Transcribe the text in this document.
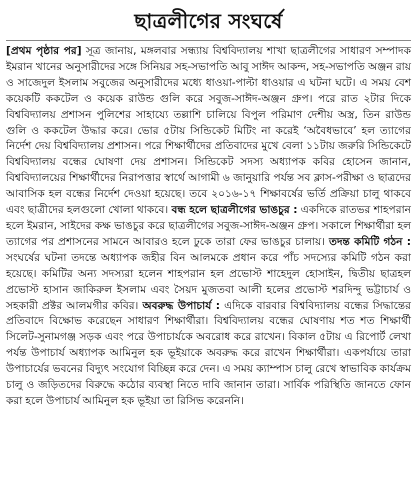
ছাত্রলীগের সংঘর্ষে

[প্রথম পৃষ্ঠার পর] সূত্র জানায়, মঙ্গলবার সন্ধ্যায় বিশ্ববিদ্যালয় শাখা ছাত্রলীগের সাধারণ সম্পাদক ইমরান খানের অনুসারীদের সঙ্গে সিনিয়র সহ-সভাপতি আবু সাঈদ আকন্দ, সহ-সভাপতি অঞ্জন রায় ও সাজেদুল ইসলাম সবুজের অনুসারীদের মধ্যে ধাওয়া-পাল্টা ধাওয়ার এ ঘটনা ঘটে। এ সময় বেশ কয়েকটি ককটেল ও কয়েক রাউন্ড গুলি করে সবুজ-সাঈদ-অঞ্জন গ্রুপ। পরে রাত ২টার দিকে বিশ্ববিদ্যালয় প্রশাসন পুলিশের সাহায্যে তল্লাশি চালিয়ে বিপুল পরিমাণ দেশীয় অস্ত্র, তিন রাউন্ড গুলি ও ককটেল উদ্ধার করে। ভোর ৫টায় সিন্ডিকেট মিটিং না করেই ‘অবৈধভাবে’ হল ত্যাগের নির্দেশ দেয় বিশ্ববিদ্যালয় প্রশাসন। পরে শিক্ষার্থীদের প্রতিবাদের মুখে বেলা ১১টায় জরুরি সিন্ডিকেটে বিশ্ববিদ্যালয় বন্ধের ঘোষণা দেয় প্রশাসন। সিন্ডিকেট সদস্য অধ্যাপক কবির হোসেন জানান, বিশ্ববিদ্যালয়ের শিক্ষার্থীদের নিরাপত্তার স্বার্থে আগামী ৬ জানুয়ারি পর্যন্ত সব ক্লাস-পরীক্ষা ও ছাত্রদের আবাসিক হল বন্ধের নির্দেশ দেওয়া হয়েছে। তবে ২০১৬-১৭ শিক্ষাবর্ষের ভর্তি প্রক্রিয়া চালু থাকবে এবং ছাত্রীদের হলগুলো খোলা থাকবে। বন্ধ হলে ছাত্রলীগের ভাঙচুর : একদিকে রাতভর শাহপরান হলে ইমরান, সাইদের কক্ষ ভাঙচুর করে ছাত্রলীগের সবুজ-সাঈদ-অঞ্জন গ্রুপ। সকালে শিক্ষার্থীরা হল ত্যাগের পর প্রশাসনের সামনে আবারও হলে ঢুকে তারা ফের ভাঙচুর চালায়। তদন্ত কমিটি গঠন : সংঘর্ষের ঘটনা তদন্তে অধ্যাপক জহীর বিন আলমকে প্রধান করে পাঁচ সদস্যের কমিটি গঠন করা হয়েছে। কমিটির অন্য সদস্যরা হলেন শাহপরান হল প্রভোস্ট শাহেদুল হোসাইন, দ্বিতীয় ছাত্রহল প্রভোস্ট হাসান জাকিরুল ইসলাম এবং সৈয়দ মুজতবা আলী হলের প্রভোস্ট শরদিন্দু ভট্টাচার্য ও সহকারী প্রক্টর আলমগীর কবির। অবরুদ্ধ উপাচার্য : এদিকে বারবার বিশ্ববিদ্যালয় বন্ধের সিদ্ধান্তের প্রতিবাদে বিক্ষোভ করেছেন সাধারণ শিক্ষার্থীরা। বিশ্ববিদ্যালয় বন্ধের ঘোষণায় শত শত শিক্ষার্থী সিলেট-সুনামগঞ্জ সড়ক এবং পরে উপাচার্যকে অবরোধ করে রাখেন। বিকাল ৫টায় এ রিপোর্ট লেখা পর্যন্ত উপাচার্য অধ্যাপক আমিনুল হক ভূইয়াকে অবরুদ্ধ করে রাখেন শিক্ষার্থীরা। একপর্যায়ে তারা উপাচার্যের ভবনের বিদ্যুৎ সংযোগ বিচ্ছিন্ন করে দেন। এ সময় ক্যাম্পাস চালু রেখে স্বাভাবিক কার্যক্রম চালু ও জড়িতদের বিরুদ্ধে কঠোর ব্যবস্থা নিতে দাবি জানান তারা। সার্বিক পরিস্থিতি জানতে ফোন করা হলে উপাচার্য আমিনুল হক ভূইয়া তা রিসিভ করেননি।
